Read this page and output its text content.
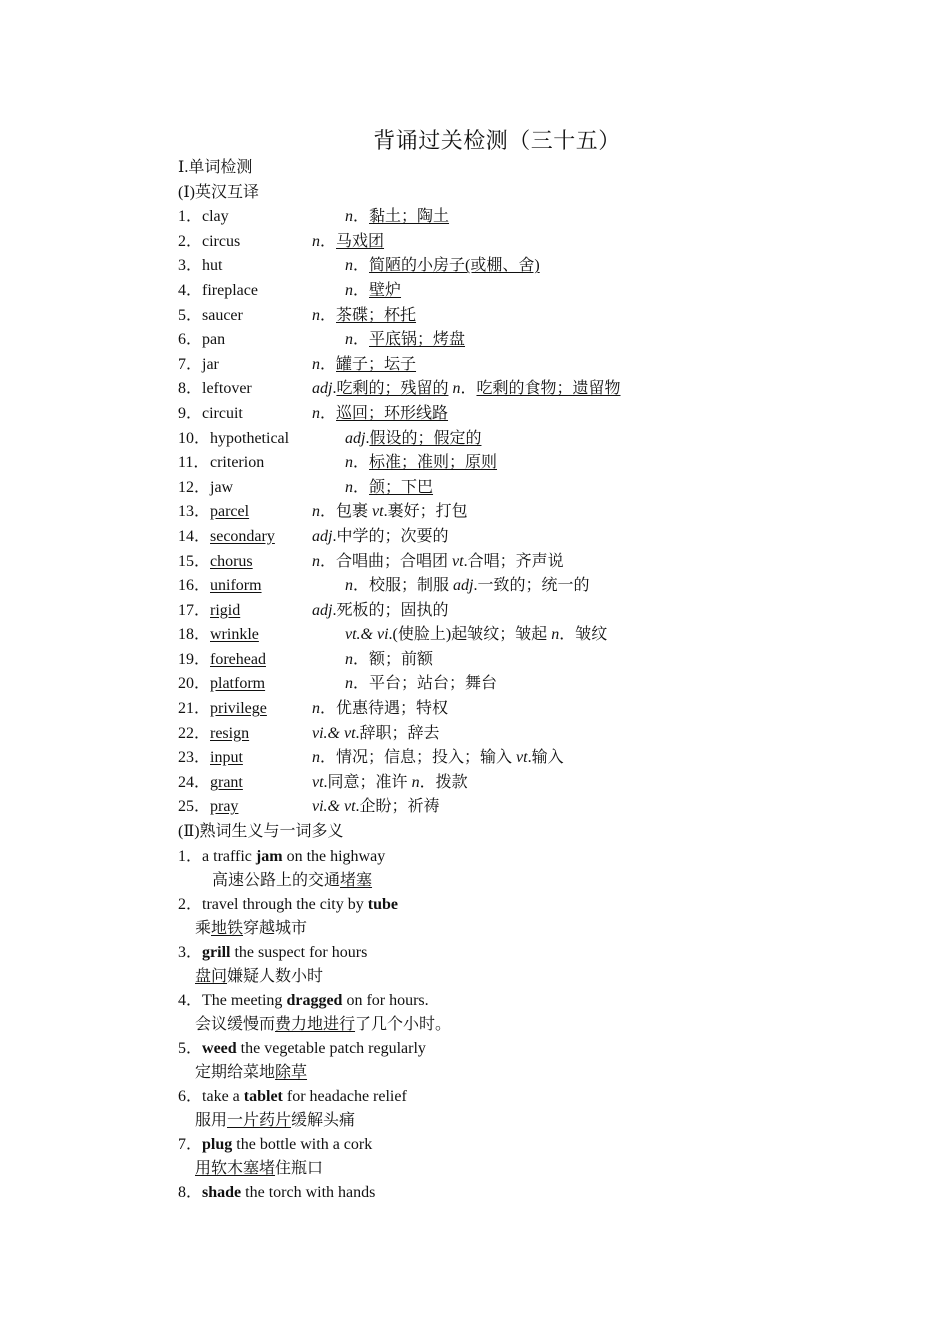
背诵过关检测（三十五）
Ⅰ.单词检测
(Ⅰ)英汉互译
1． clay	n．黏土；陶土
2． circus	n．马戏团
3． hut	n．简陋的小房子(或棚、舍)
4． fireplace	n．壁炉
5． saucer	n．茶碟；杯托
6． pan	n．平底锅；烤盘
7． jar	n．罐子；坛子
8． leftover	adj.吃剩的；残留的 n．吃剩的食物；遗留物
9． circuit	n．巡回；环形线路
10． hypothetical	adj.假设的；假定的
11． criterion	n．标准；准则；原则
12． jaw	n．颌；下巴
13． parcel	n．包裹 vt.裹好；打包
14． secondary adj.中学的；次要的
15． chorus	n．合唱曲；合唱团 vt.合唱；齐声说
16． uniform	n．校服；制服 adj.一致的；统一的
17． rigid	adj.死板的；固执的
18． wrinkle	vt.& vi.(使脸上)起皱纹；皱起 n．皱纹
19． forehead	n．额；前额
20． platform	n．平台；站台；舞台
21． privilege	n．优惠待遇；特权
22． resign	vi.& vt.辞职；辞去
23． input	n．情况；信息；投入；输入 vt.输入
24． grant	vt.同意；准许 n．拨款
25． pray	vi.& vt.企盼；祈祷
(Ⅱ)熟词生义与一词多义
1．a traffic jam on the highway
高速公路上的交通堵塞
2．travel through the city by tube
乘地铁穿越城市
3．grill the suspect for hours
盘问嫌疑人数小时
4．The meeting dragged on for hours.
会议缓慢而费力地进行了几个小时。
5．weed the vegetable patch regularly
定期给菜地除草
6．take a tablet for headache relief
服用一片药片缓解头痛
7．plug the bottle with a cork
用软木塞堵住瓶口
8．shade the torch with hands
